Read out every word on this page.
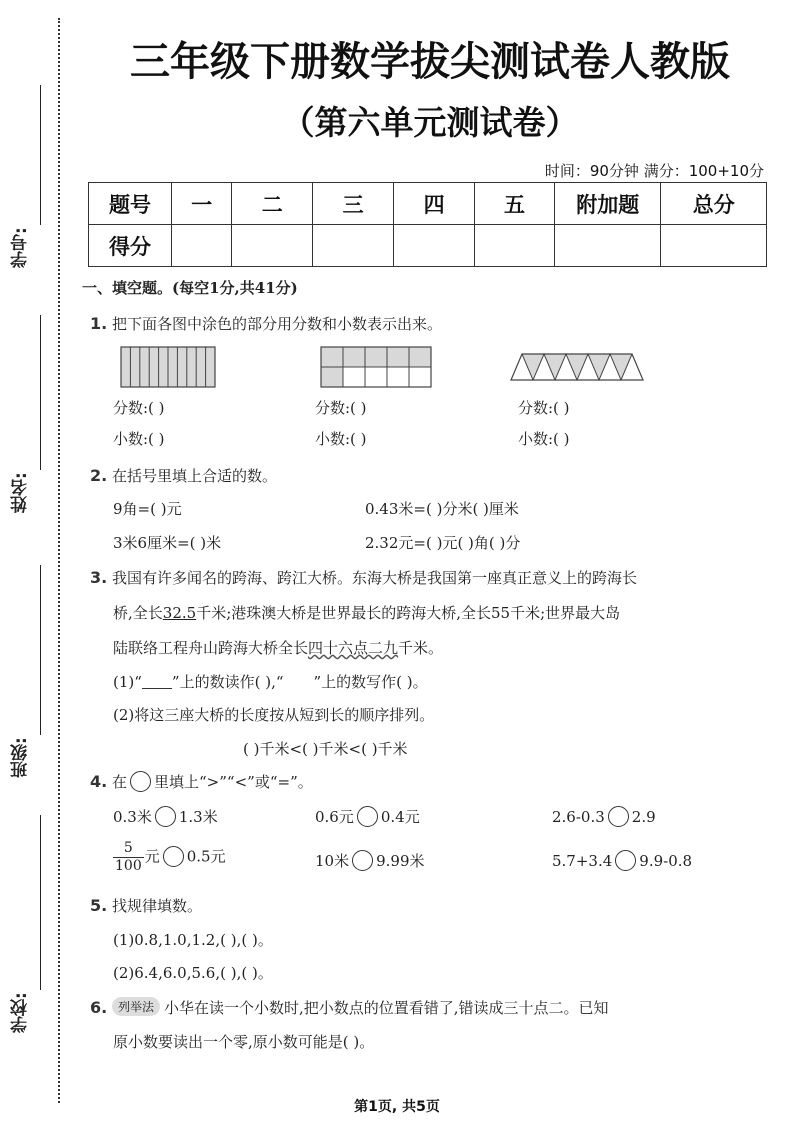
学号:
姓名:
班级:
学校:
三年级下册数学拔尖测试卷人教版
（第六单元测试卷）
时间：90分钟 满分：100+10分
题号	一	二	三	四	五	附加题	总分
得分							
一、填空题。(每空1分,共41分)
1. 把下面各图中涂色的部分用分数和小数表示出来。
分数:( )	分数:( )	分数:( )
小数:( )	小数:( )	小数:( )
2. 在括号里填上合适的数。
9角=( )元	0.43米=( )分米( )厘米
3米6厘米=( )米	2.32元=( )元( )角( )分
3. 我国有许多闻名的跨海、跨江大桥。东海大桥是我国第一座真正意义上的跨海长
桥,全长32.5千米;港珠澳大桥是世界最长的跨海大桥,全长55千米;世界最大岛
陆联络工程舟山跨海大桥全长四十六点二九千米。
(1)“ ”上的数读作( ),“ ”上的数写作( )。
(2)将这三座大桥的长度按从短到长的顺序排列。
( )千米<( )千米<( )千米
4. 在 里填上“>”“<”或“=”。
0.3米 1.3米	0.6元 0.4元	2.6-0.3 2.9
$\frac{5}{100}$ 元 0.5元	10米 9.99米	5.7+3.4 9.9-0.8
5. 找规律填数。
(1)0.8,1.0,1.2,( ),( )。
(2)6.4,6.0,5.6,( ),( )。
6. 列举法 小华在读一个小数时,把小数点的位置看错了,错读成三十点二。已知
原小数要读出一个零,原小数可能是( )。
第1页, 共5页
